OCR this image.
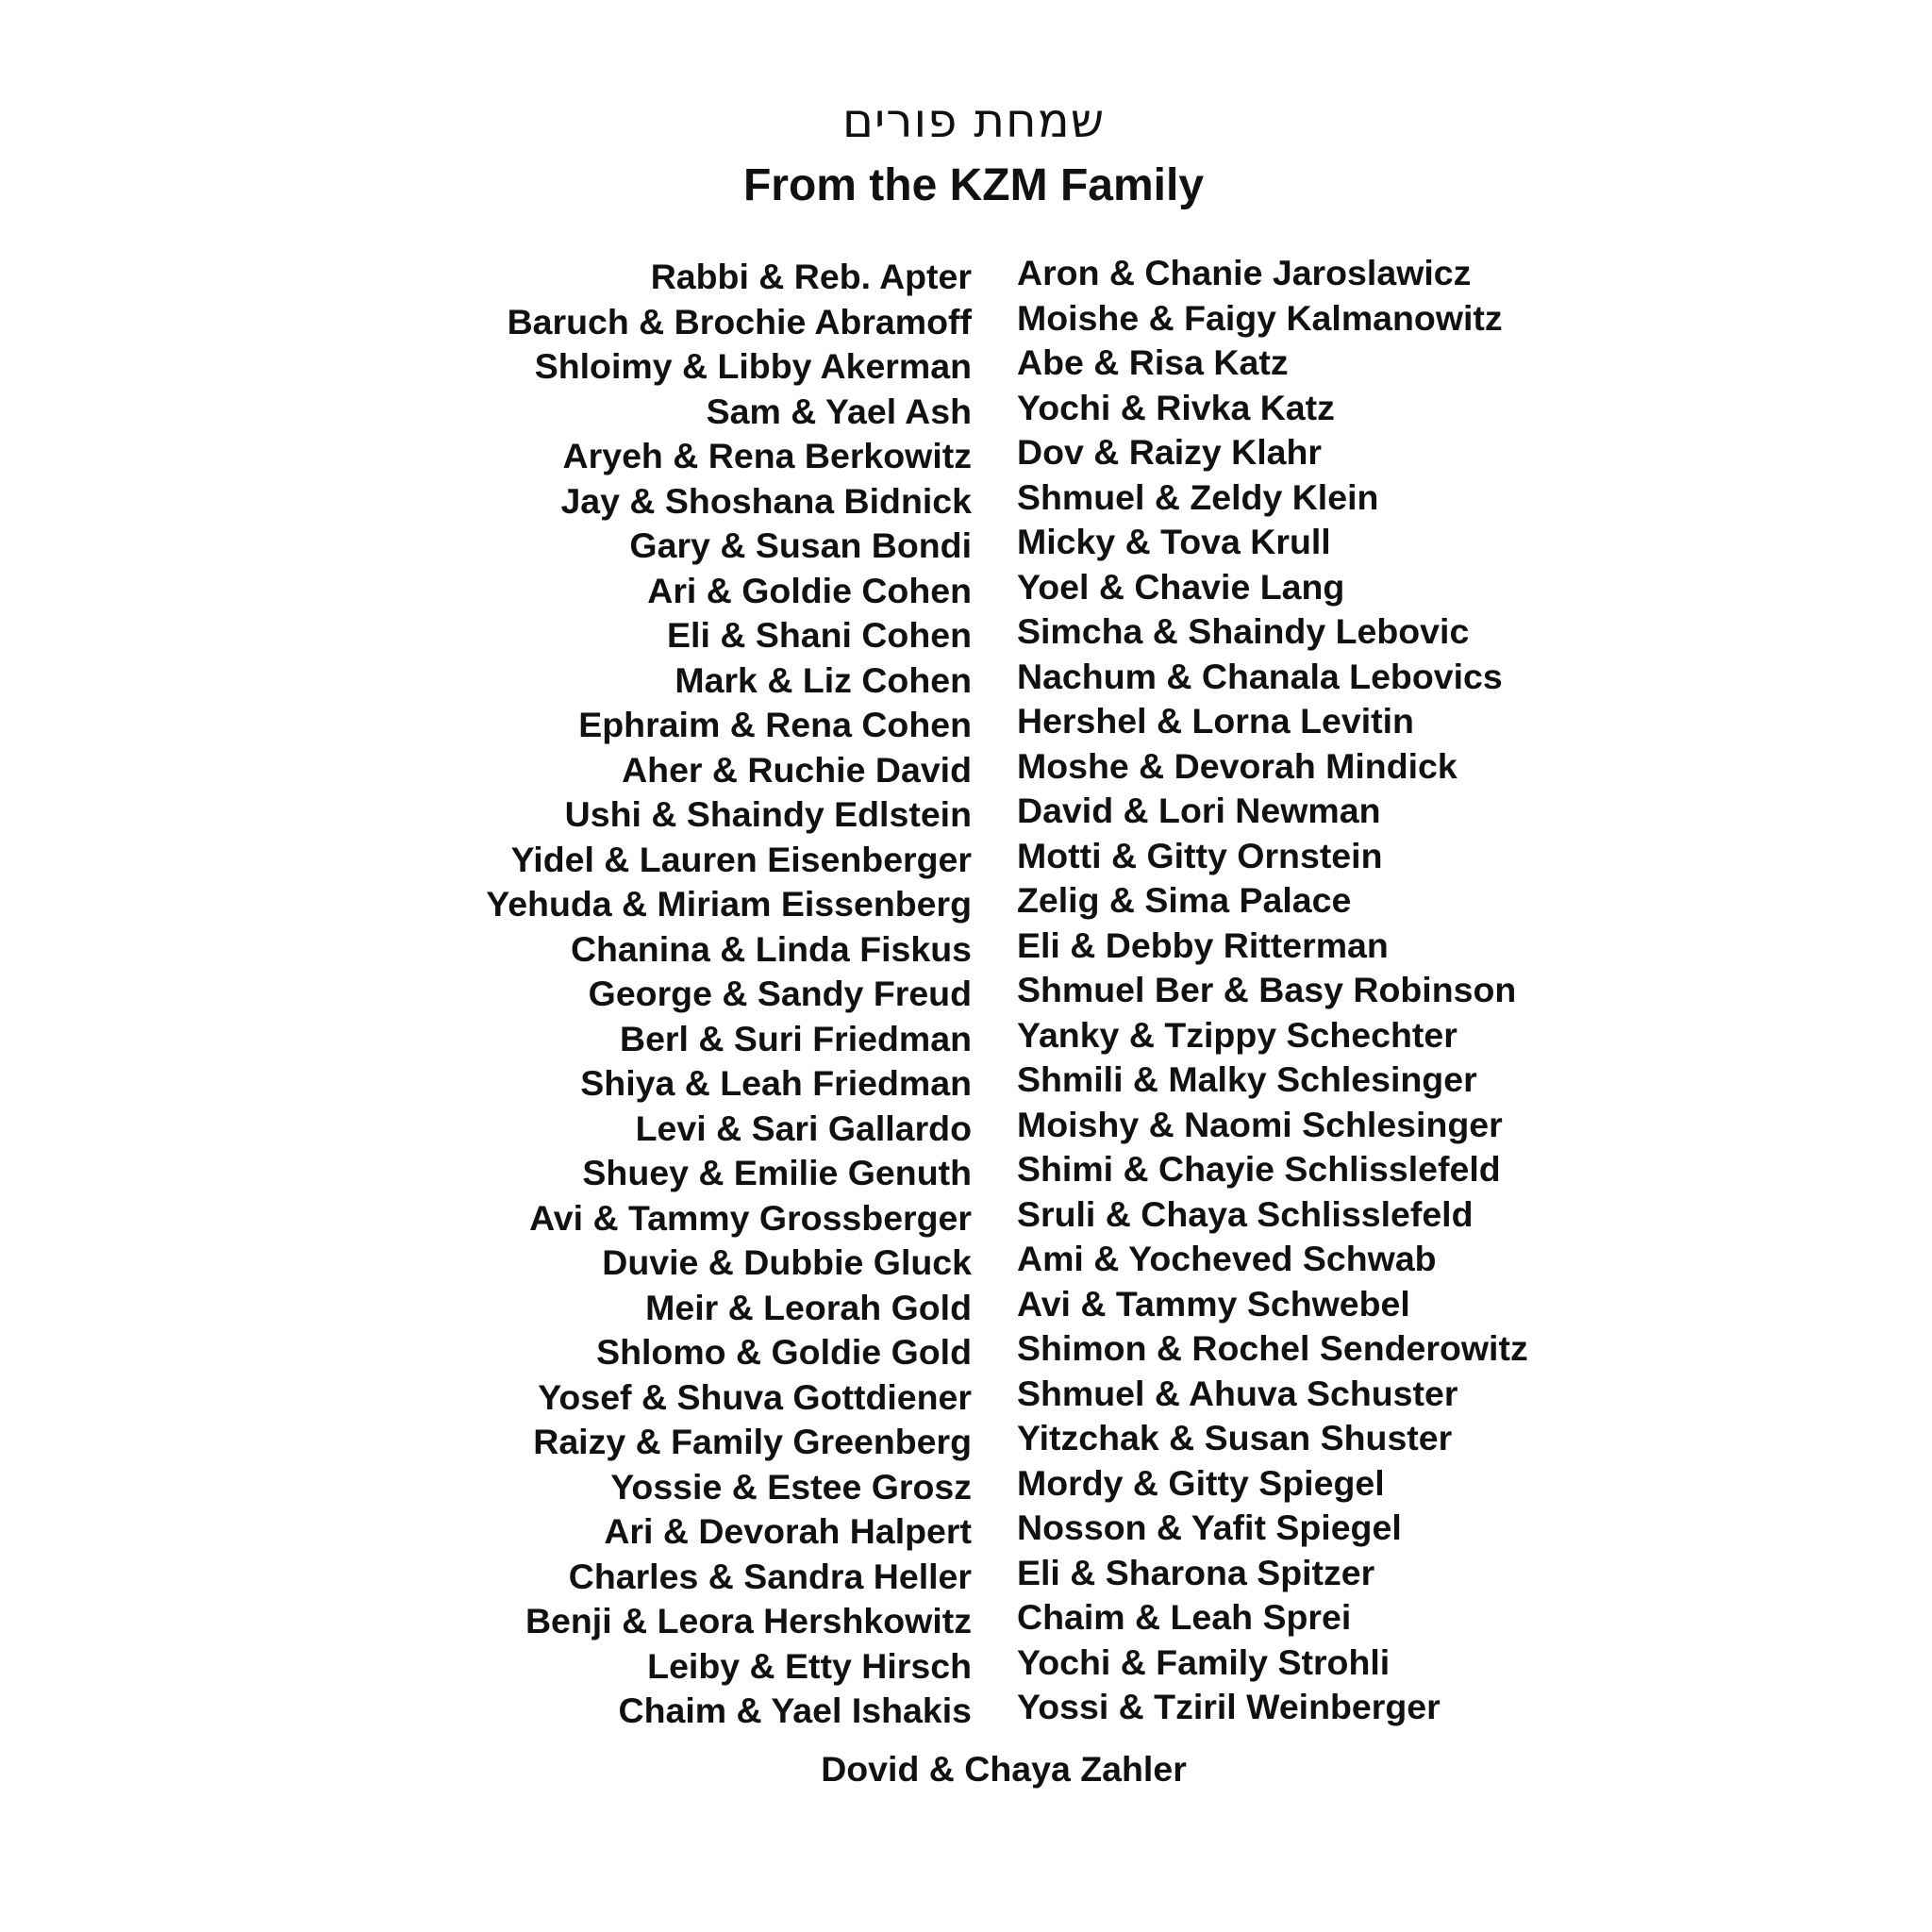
שמחת פורים
From the KZM Family
Rabbi & Reb. Apter
Baruch & Brochie Abramoff
Shloimy & Libby Akerman
Sam & Yael Ash
Aryeh & Rena Berkowitz
Jay & Shoshana Bidnick
Gary & Susan Bondi
Ari & Goldie Cohen
Eli & Shani Cohen
Mark & Liz Cohen
Ephraim & Rena Cohen
Aher & Ruchie David
Ushi & Shaindy Edlstein
Yidel & Lauren Eisenberger
Yehuda & Miriam Eissenberg
Chanina & Linda Fiskus
George & Sandy Freud
Berl & Suri Friedman
Shiya & Leah Friedman
Levi & Sari Gallardo
Shuey & Emilie Genuth
Avi & Tammy Grossberger
Duvie & Dubbie Gluck
Meir & Leorah Gold
Shlomo & Goldie Gold
Yosef & Shuva Gottdiener
Raizy & Family Greenberg
Yossie & Estee Grosz
Ari & Devorah Halpert
Charles & Sandra Heller
Benji & Leora Hershkowitz
Leiby & Etty Hirsch
Chaim & Yael Ishakis
Aron & Chanie Jaroslawicz
Moishe & Faigy Kalmanowitz
Abe & Risa Katz
Yochi & Rivka Katz
Dov & Raizy Klahr
Shmuel & Zeldy Klein
Micky & Tova Krull
Yoel & Chavie Lang
Simcha & Shaindy Lebovic
Nachum & Chanala Lebovics
Hershel & Lorna Levitin
Moshe & Devorah Mindick
David & Lori Newman
Motti & Gitty Ornstein
Zelig & Sima Palace
Eli & Debby Ritterman
Shmuel Ber & Basy Robinson
Yanky & Tzippy Schechter
Shmili & Malky Schlesinger
Moishy & Naomi Schlesinger
Shimi & Chayie Schlisslefeld
Sruli & Chaya Schlisslefeld
Ami & Yocheved Schwab
Avi & Tammy Schwebel
Shimon & Rochel Senderowitz
Shmuel & Ahuva Schuster
Yitzchak & Susan Shuster
Mordy & Gitty Spiegel
Nosson & Yafit Spiegel
Eli & Sharona Spitzer
Chaim & Leah Sprei
Yochi & Family Strohli
Yossi & Tziril Weinberger
Dovid & Chaya Zahler
